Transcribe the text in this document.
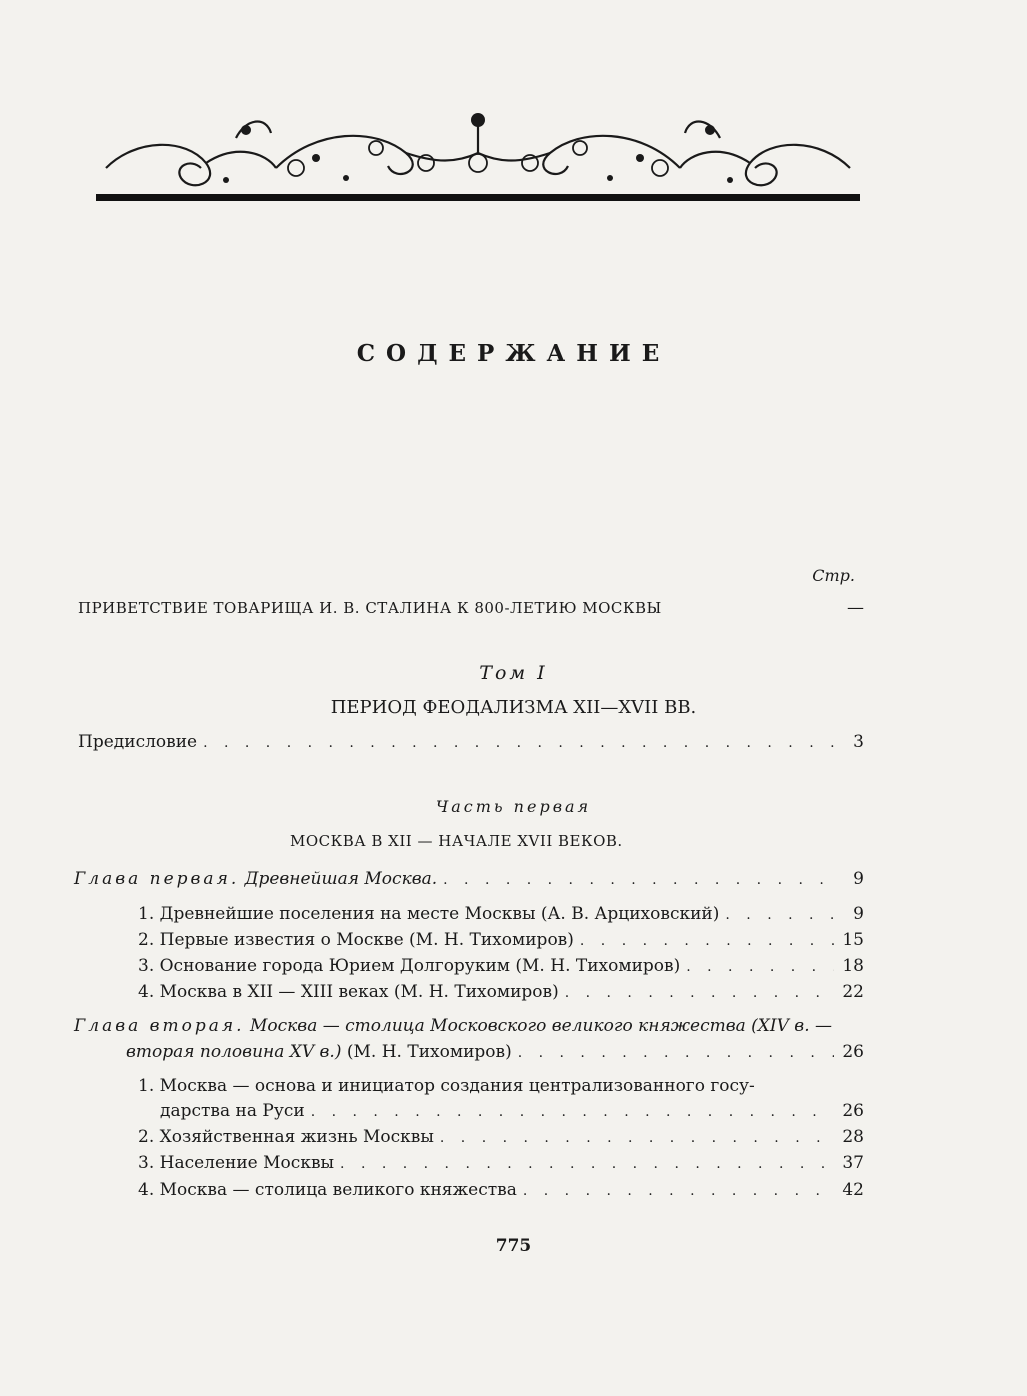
СОДЕРЖАНИЕ
Стр.
ПРИВЕТСТВИЕ ТОВАРИЩА И. В. СТАЛИНА К 800-ЛЕТИЮ МОСКВЫ	—
Том I
ПЕРИОД ФЕОДАЛИЗМА XII—XVII ВВ.
Предисловие . . .	3
Часть первая
МОСКВА В XII — НАЧАЛЕ XVII ВЕКОВ.
Глава первая. Древнейшая Москва. . . .	9
1. Древнейшие поселения на месте Москвы (А. В. Арциховский) . . .	9
2. Первые известия о Москве (М. Н. Тихомиров) . . .	15
3. Основание города Юрием Долгоруким (М. Н. Тихомиров) . . .	18
4. Москва в XII — XIII веках (М. Н. Тихомиров) . . .	22
Глава вторая. Москва — столица Московского великого княжества (XIV в. —
вторая половина XV в.) (М. Н. Тихомиров) . . .	26
1. Москва — основа и инициатор создания централизованного госу-
дарства на Руси . . .	26
2. Хозяйственная жизнь Москвы . . .	28
3. Население Москвы . . .	37
4. Москва — столица великого княжества . . .	42
775
